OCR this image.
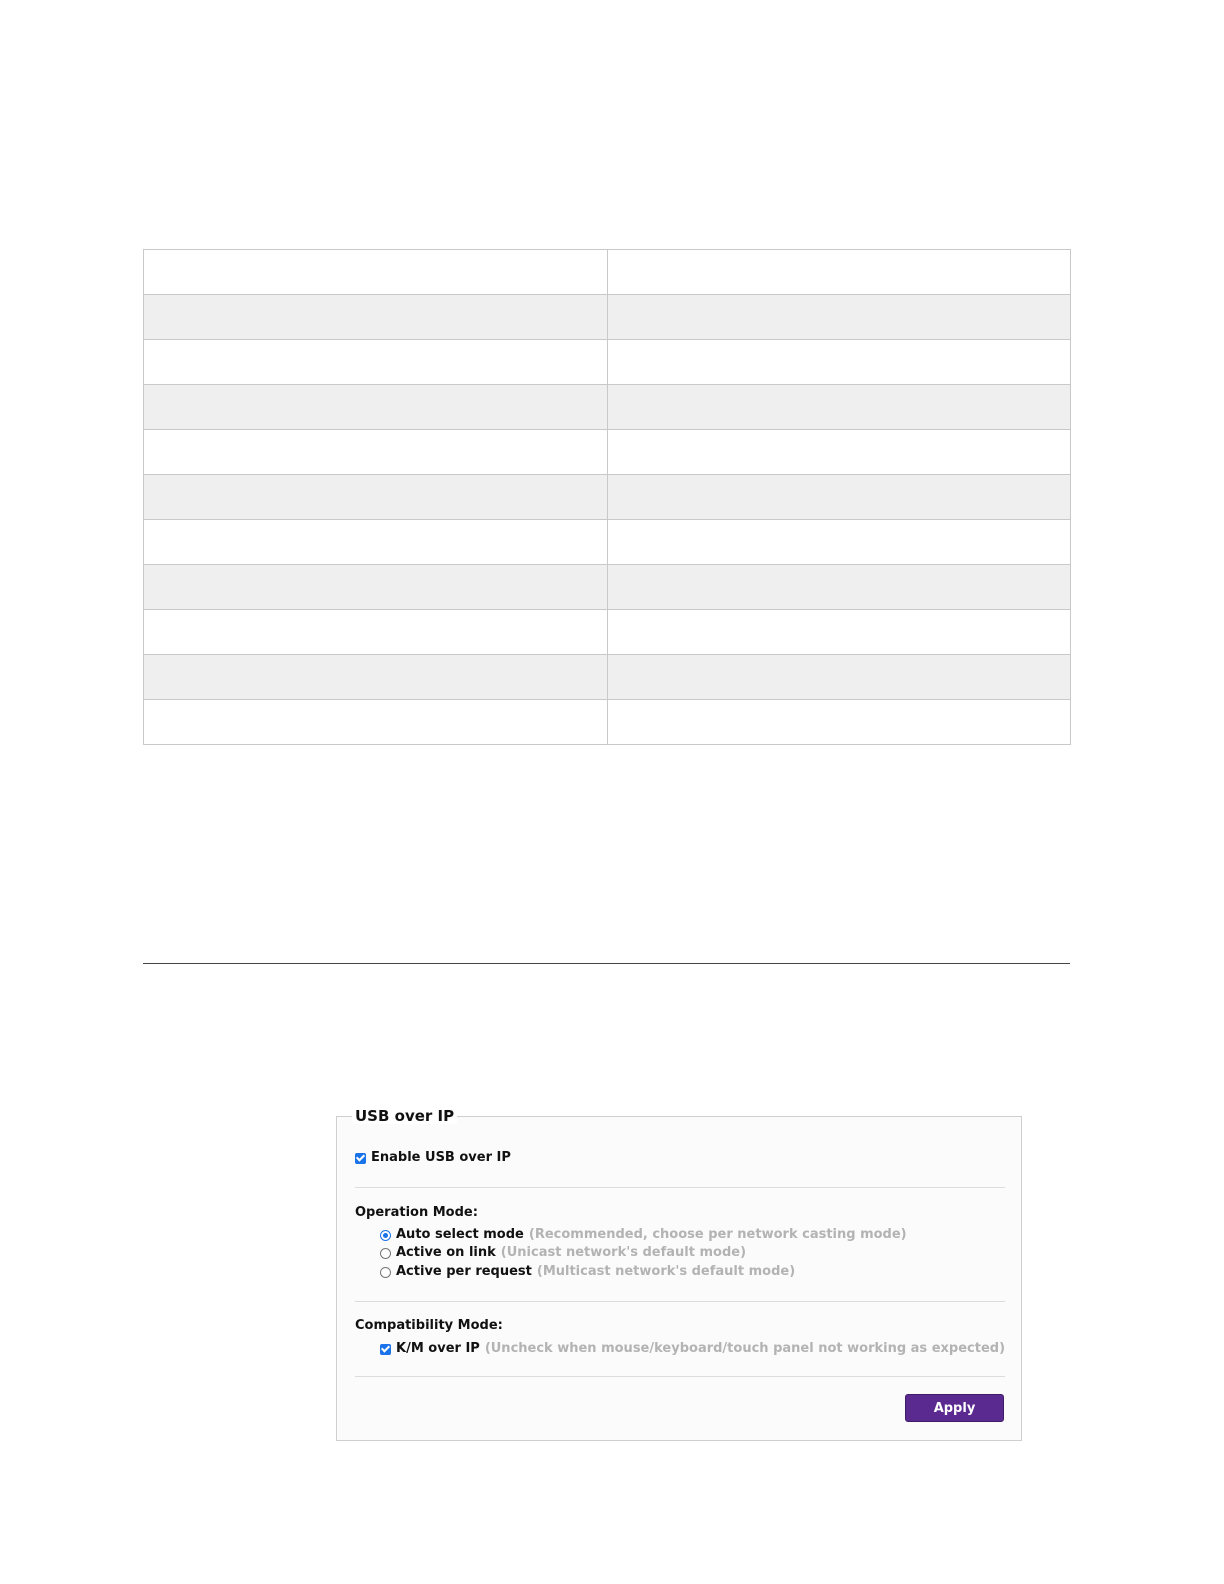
USB over IP
Enable USB over IP
Operation Mode:
Auto select mode (Recommended, choose per network casting mode)
Active on link (Unicast network's default mode)
Active per request (Multicast network's default mode)
Compatibility Mode:
K/M over IP (Uncheck when mouse/keyboard/touch panel not working as expected)
Apply
